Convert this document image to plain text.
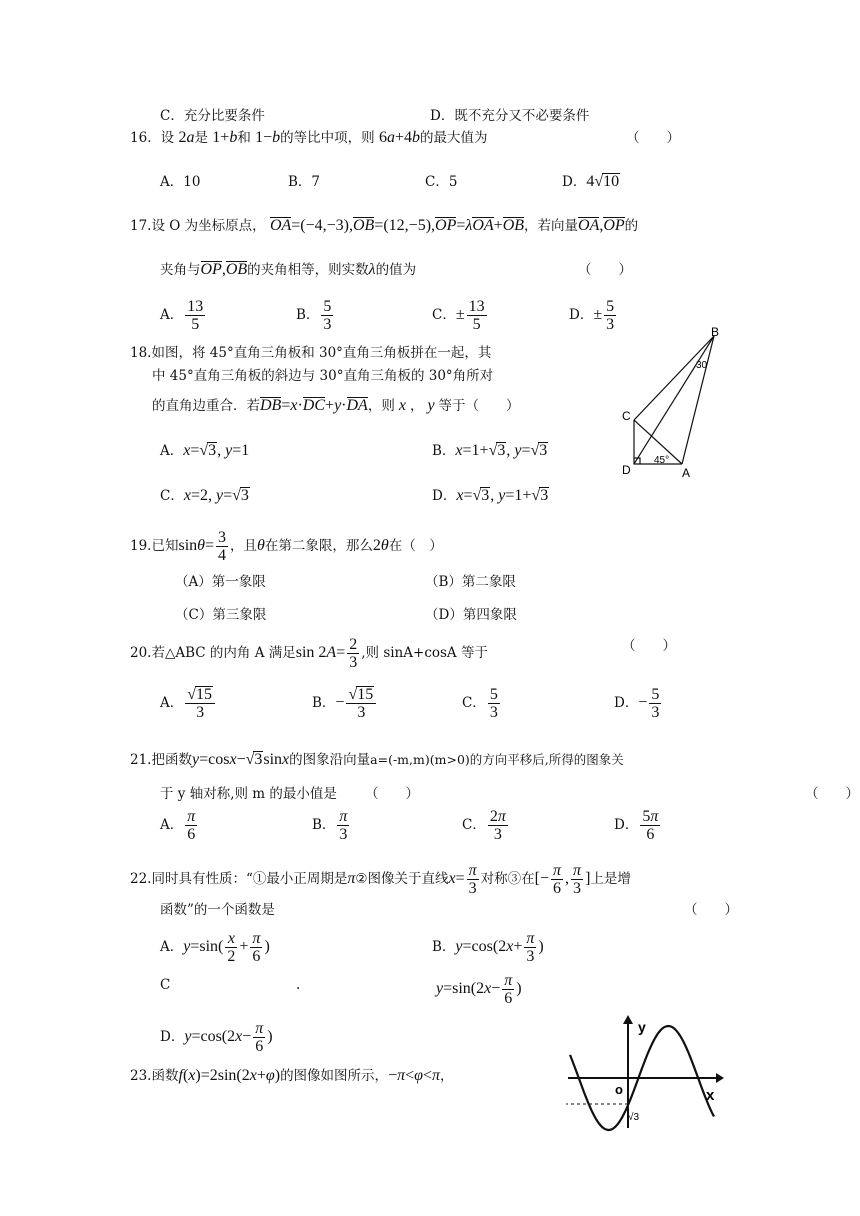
C．充分比要条件	D．既不充分又不必要条件
16．设 2a是 1+b和 1−b的等比中项，则 6a+4b的最大值为	（　　）
A．10	B．7	C．5	D．4√10
17.设 O 为坐标原点， OA=(−4,−3),OB=(12,−5),OP=λOA+OB，若向量OA,OP的
夹角与OP,OB的夹角相等，则实数λ的值为	（　　）
A． $\frac{13}{5}$	B． $\frac{5}{3}$	C．± $\frac{13}{5}$	D．± $\frac{5}{3}$
18.如图，将 45°直角三角板和 30°直角三角板拼在一起，其
中 45°直角三角板的斜边与 30°直角三角板的 30°角所对
的直角边重合．若DB=x·DC+y·DA，则 x ， y 等于（　　）
A．x=√3, y=1	B．x=1+√3, y=√3
C．x=2, y=√3	D．x=√3, y=1+√3
B
C
D	A
30
45°
19.已知$\sin\theta= \frac{3}{4}$ ，且θ在第二象限，那么2θ在（　）
（A）第一象限	（B）第二象限
（C）第三象限	（D）第四象限
20.若△ABC 的内角 A 满足$\sin 2A= \frac{2}{3}$ ,则 sinA+cosA 等于	（　　）
A． $\frac{√15}{3}$	B．− $\frac{√15}{3}$	C． $\frac{5}{3}$	D．− $\frac{5}{3}$
21.把函数y=cosx−√3sinx的图象沿向量a=(-m,m)(m>0)的方向平移后,所得的图象关
于 y 轴对称,则 m 的最小值是 （　　）	（　　）
A． $\frac{\pi}{6}$	B． $\frac{\pi}{3}$	C． $\frac{2\pi}{3}$	D． $\frac{5\pi}{6}$
22.同时具有性质：“①最小正周期是π②图像关于直线$x= \frac{\pi}{3}$ 对称③在[− $\frac{\pi}{6}$ , $\frac{\pi}{3}$ ]上是增
函数”的一个函数是	（　　）
A．$y=\sin( \frac{x}{2} + \frac{\pi}{6}$ )	B．$y=\cos(2x+ \frac{\pi}{3}$ )
C	.	$y=\sin(2x- \frac{\pi}{6}$ )
D．$y=\cos(2x- \frac{\pi}{6}$ )
23.函数f(x)=2sin(2x+φ)的图像如图所示，−π<φ<π，
y
o	x
√3
